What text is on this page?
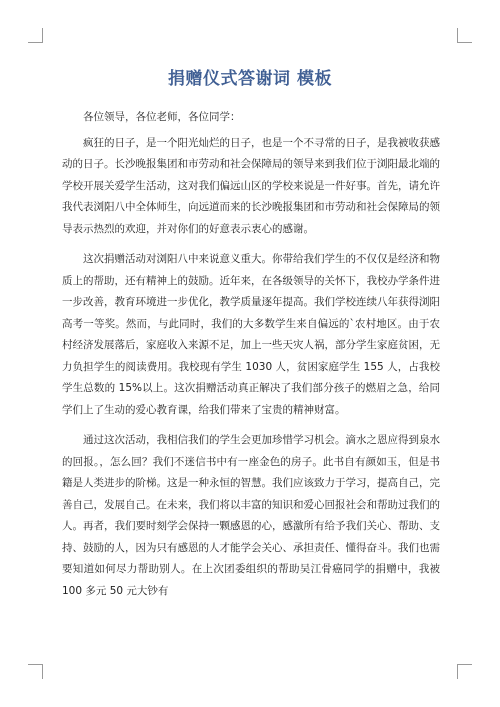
捐赠仪式答谢词 模板

各位领导，各位老师，各位同学：

疯狂的日子，是一个阳光灿烂的日子，也是一个不寻常的日子，是我被收获感动的日子。长沙晚报集团和市劳动和社会保障局的领导来到我们位于浏阳最北端的学校开展关爱学生活动，这对我们偏远山区的学校来说是一件好事。首先，请允许我代表浏阳八中全体师生，向远道而来的长沙晚报集团和市劳动和社会保障局的领导表示热烈的欢迎，并对你们的好意表示衷心的感谢。

这次捐赠活动对浏阳八中来说意义重大。你带给我们学生的不仅仅是经济和物质上的帮助，还有精神上的鼓励。近年来，在各级领导的关怀下，我校办学条件进一步改善，教育环境进一步优化，教学质量逐年提高。我们学校连续八年获得浏阳高考一等奖。然而，与此同时，我们的大多数学生来自偏远的`农村地区。由于农村经济发展落后，家庭收入来源不足，加上一些天灾人祸，部分学生家庭贫困，无力负担学生的阅读费用。我校现有学生 1030 人，贫困家庭学生 155 人，占我校学生总数的 15%以上。这次捐赠活动真正解决了我们部分孩子的燃眉之急，给同学们上了生动的爱心教育课，给我们带来了宝贵的精神财富。

通过这次活动，我相信我们的学生会更加珍惜学习机会。滴水之恩应得到泉水的回报。，怎么回？我们不迷信书中有一座金色的房子。此书自有颜如玉，但是书籍是人类进步的阶梯。这是一种永恒的智慧。我们应该致力于学习，提高自己，完善自己，发展自己。在未来，我们将以丰富的知识和爱心回报社会和帮助过我们的人。再者，我们要时刻学会保持一颗感恩的心，感激所有给予我们关心、帮助、支持、鼓励的人，因为只有感恩的人才能学会关心、承担责任、懂得奋斗。我们也需要知道如何尽力帮助别人。在上次团委组织的帮助吴江骨癌同学的捐赠中，我被 100 多元 50 元大钞有
